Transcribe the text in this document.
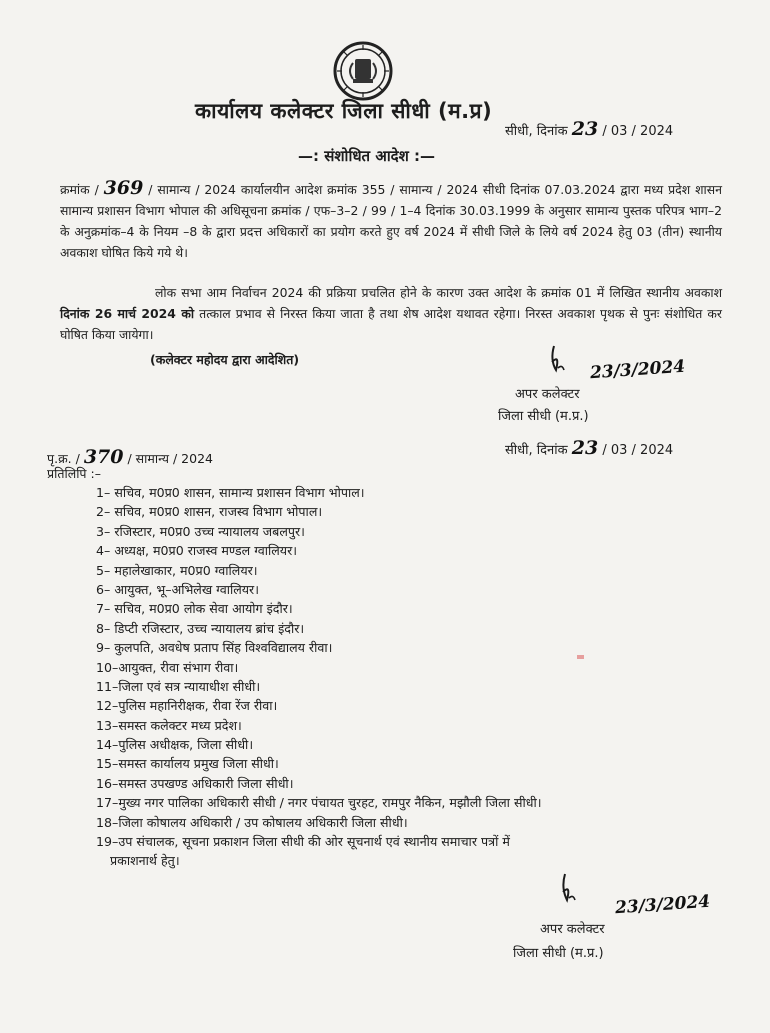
कार्यालय कलेक्टर जिला सीधी (म.प्र)
सीधी, दिनांक 23 / 03 / 2024
—: संशोधित आदेश :—
क्रमांक / 369 / सामान्य / 2024 कार्यालयीन आदेश क्रमांक 355 / सामान्य / 2024 सीधी दिनांक 07.03.2024 द्वारा मध्य प्रदेश शासन सामान्य प्रशासन विभाग भोपाल की अधिसूचना क्रमांक / एफ–3–2 / 99 / 1–4 दिनांक 30.03.1999 के अनुसार सामान्य पुस्तक परिपत्र भाग–2 के अनुक्रमांक–4 के नियम –8 के द्वारा प्रदत्त अधिकारों का प्रयोग करते हुए वर्ष 2024 में सीधी जिले के लिये वर्ष 2024 हेतु 03 (तीन) स्थानीय अवकाश घोषित किये गये थे।
लोक सभा आम निर्वाचन 2024 की प्रक्रिया प्रचलित होने के कारण उक्त आदेश के क्रमांक 01 में लिखित स्थानीय अवकाश दिनांक 26 मार्च 2024 को तत्काल प्रभाव से निरस्त किया जाता है तथा शेष आदेश यथावत रहेगा। निरस्त अवकाश पृथक से पुनः संशोधित कर घोषित किया जायेगा।
(कलेक्टर महोदय द्वारा आदेशित)	23/3/2024
अपर कलेक्टर
जिला सीधी (म.प्र.)
सीधी, दिनांक 23 / 03 / 2024
पृ.क्र. / 370 / सामान्य / 2024
प्रतिलिपि :–
1– सचिव, म0प्र0 शासन, सामान्य प्रशासन विभाग भोपाल।
2– सचिव, म0प्र0 शासन, राजस्व विभाग भोपाल।
3– रजिस्टार, म0प्र0 उच्च न्यायालय जबलपुर।
4– अध्यक्ष, म0प्र0 राजस्व मण्डल ग्वालियर।
5– महालेखाकार, म0प्र0 ग्वालियर।
6– आयुक्त, भू–अभिलेख ग्वालियर।
7– सचिव, म0प्र0 लोक सेवा आयोग इंदौर।
8– डिप्टी रजिस्टार, उच्च न्यायालय ब्रांच इंदौर।
9– कुलपति, अवधेष प्रताप सिंह विश्वविद्यालय रीवा।
10–आयुक्त, रीवा संभाग रीवा।
11–जिला एवं सत्र न्यायाधीश सीधी।
12–पुलिस महानिरीक्षक, रीवा रेंज रीवा।
13–समस्त कलेक्टर मध्य प्रदेश।
14–पुलिस अधीक्षक, जिला सीधी।
15–समस्त कार्यालय प्रमुख जिला सीधी।
16–समस्त उपखण्ड अधिकारी जिला सीधी।
17–मुख्य नगर पालिका अधिकारी सीधी / नगर पंचायत चुरहट, रामपुर नैकिन, मझौली जिला सीधी।
18–जिला कोषालय अधिकारी / उप कोषालय अधिकारी जिला सीधी।
19–उप संचालक, सूचना प्रकाशन जिला सीधी की ओर सूचनार्थ एवं स्थानीय समाचार पत्रों में
प्रकाशनार्थ हेतु।
23/3/2024
अपर कलेक्टर
जिला सीधी (म.प्र.)
